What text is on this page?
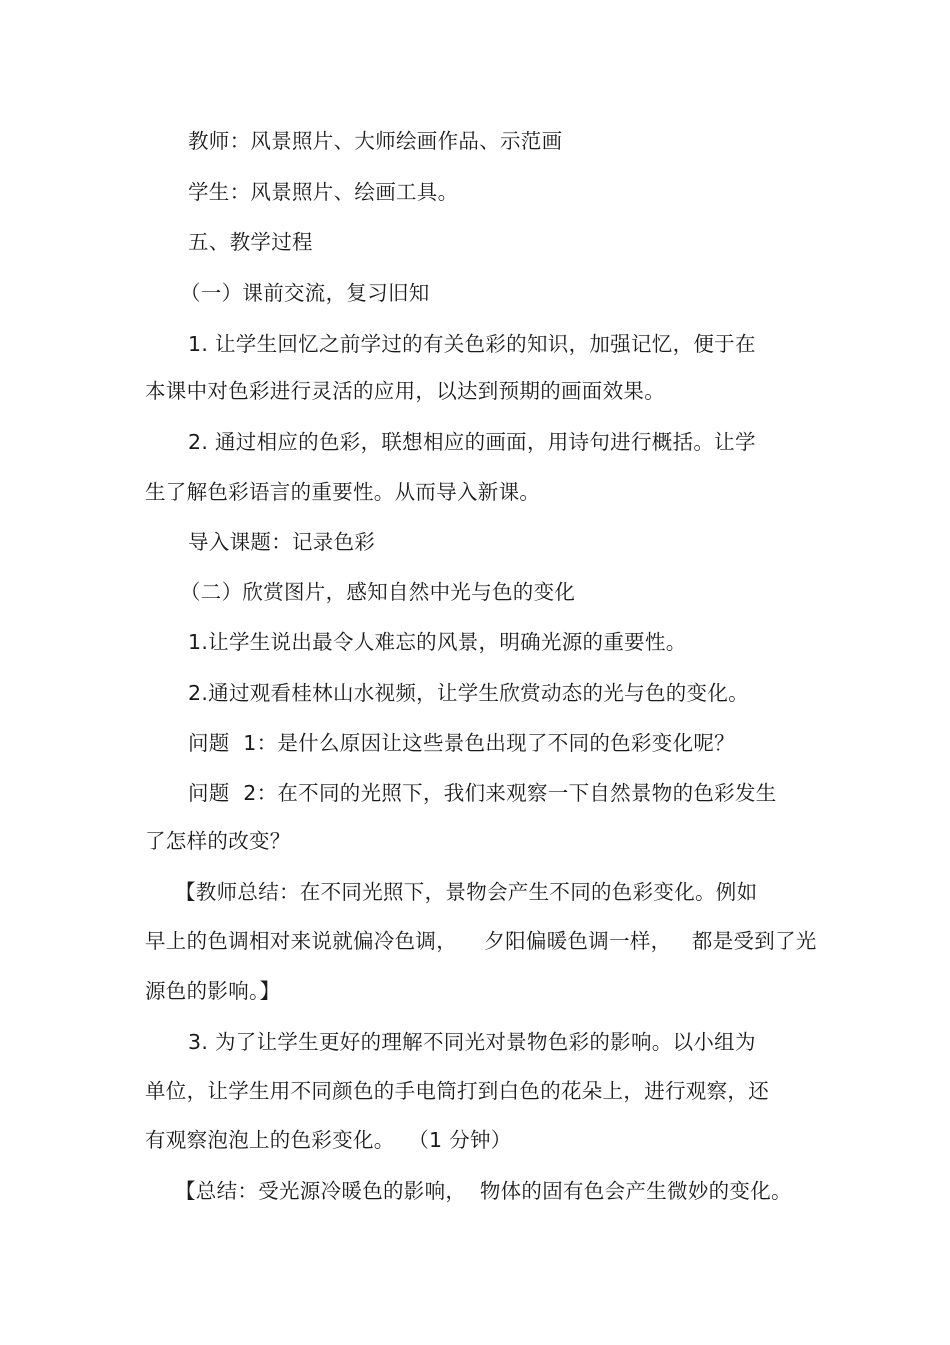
教师：风景照片、大师绘画作品、示范画
学生：风景照片、绘画工具。
五、教学过程
（一）课前交流，复习旧知
1. 让学生回忆之前学过的有关色彩的知识，加强记忆，便于在
本课中对色彩进行灵活的应用，以达到预期的画面效果。
2. 通过相应的色彩，联想相应的画面，用诗句进行概括。让学
生了解色彩语言的重要性。从而导入新课。
导入课题：记录色彩
（二）欣赏图片，感知自然中光与色的变化
1.让学生说出最令人难忘的风景，明确光源的重要性。
2.通过观看桂林山水视频，让学生欣赏动态的光与色的变化。
问题  1：是什么原因让这些景色出现了不同的色彩变化呢？
问题  2：在不同的光照下，我们来观察一下自然景物的色彩发生
了怎样的改变？
【教师总结：在不同光照下，景物会产生不同的色彩变化。例如
早上的色调相对来说就偏冷色调，    夕阳偏暖色调一样，   都是受到了光
源色的影响。】
3. 为了让学生更好的理解不同光对景物色彩的影响。以小组为
单位，让学生用不同颜色的手电筒打到白色的花朵上，进行观察，还
有观察泡泡上的色彩变化。  （1 分钟）
【总结：受光源冷暖色的影响，  物体的固有色会产生微妙的变化。
